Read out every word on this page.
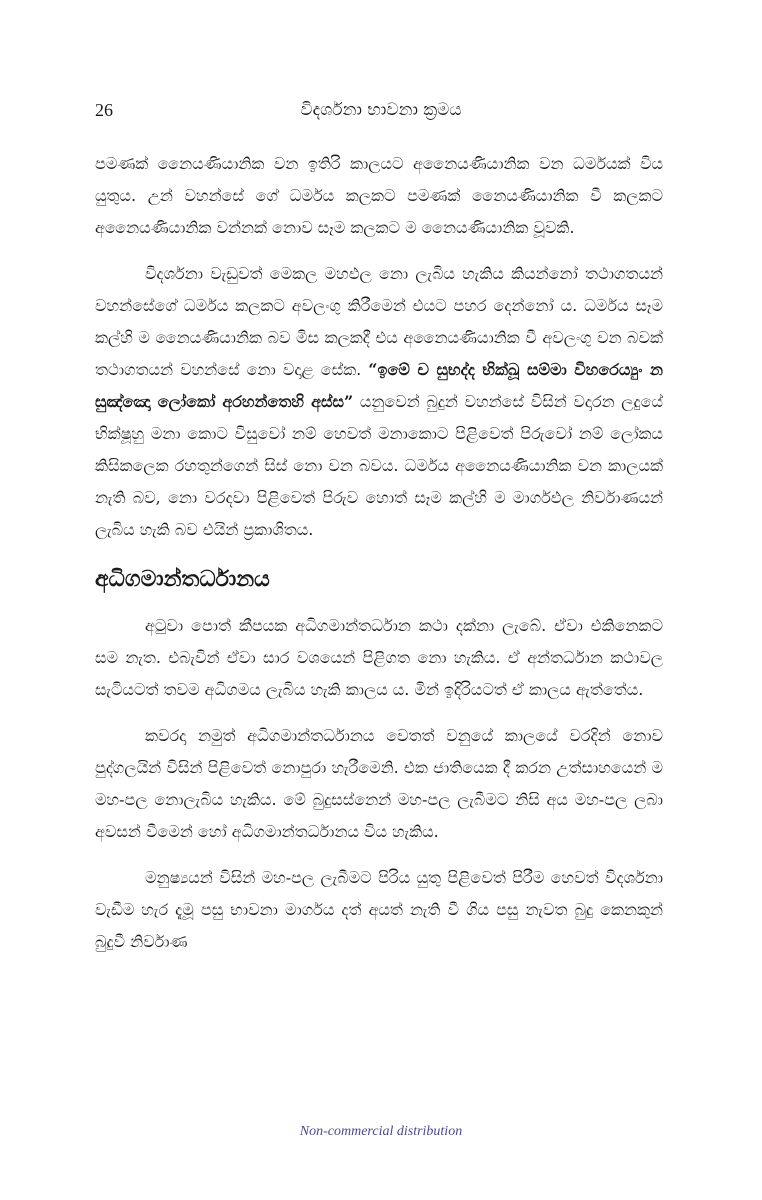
26	විදර්ශනා භාවනා ක්‍රමය

පමණක් නෛයණියානික වන ඉතිරි කාලයට අනෛයණියානික වන ධර්මයක් විය යුතුය. උන් වහන්සේ ගේ ධර්මය කලකට පමණක් නෛයණියානික වී කලකට අනෛයණියානික වන්නක් නොව සෑම කලකට ම නෛයණියානික වූවකි.

විදර්ශනා වැඩුවත් මෙකල මහඵල නො ලැබිය හැකිය කියන්නෝ තථාගතයන් වහන්සේගේ ධර්මය කලකට අවලංගු කිරීමෙන් එයට පහර දෙන්නෝ ය. ධර්මය සෑම කල්හි ම නෛයණියානික බව මිස කලකදී එය අනෛයණියානික වී අවලංගු වන බවක් තථාගතයන් වහන්සේ නො වදාළ සේක. “ඉමේ ච සුභද්ද භික්ඛූ සම්මා විහරෙය්‍යුං න සුඤ්ඤො ලෝකෝ අරහන්තෙහි අස්ස” යනුවෙන් බුදුන් වහන්සේ විසින් වදාරන ලදුයේ භික්ෂූහු මනා කොට විසුවෝ නම් හෙවත් මනාකොට පිළිවෙත් පිරුවෝ නම් ලෝකය කිසිකලෙක රහතුන්ගෙන් සිස් නො වන බවය. ධර්මය අනෛයණියානික වන කාලයක් නැති බව, නො වරදවා පිළිවෙත් පිරුව හොත් සෑම කල්හි ම මාර්ගඵල නිර්වාණයන් ලැබිය හැකි බව එයින් ප්‍රකාශිතය.

අධිගමාන්තර්ධානය

අටුවා පොත් කීපයක අධිගමාන්තර්ධාන කථා දක්නා ලැබේ. ඒවා එකිනෙකට සම නැත. එබැවින් ඒවා සාර වශයෙන් පිළිගත නො හැකිය. ඒ අන්තර්ධාන කථාවල සැටියටත් තවම අධිගමය ලැබිය හැකි කාලය ය. මින් ඉදිරියටත් ඒ කාලය ඇත්තේය.

කවරදා නමුත් අධිගමාන්තර්ධානය වෙතත් වනුයේ කාලයේ වරදින් නොව පුද්ගලයින් විසින් පිළිවෙත් නොපුරා හැරීමෙනි. එක ජාතියෙක දී කරන උත්සාහයෙන් ම මහ-පල නොලැබිය හැකිය. මේ බුදුසස්නෙන් මහ-පල ලැබීමට නිසි අය මහ-පල ලබා අවසන් වීමෙන් හෝ අධිගමාන්තර්ධානය විය හැකිය.

මනුෂ්‍යයන් විසින් මහ-පල ලැබීමට පිරිය යුතු පිළිවෙත් පිරීම හෙවත් විදර්ශනා වැඩීම හැර දැමූ පසු භාවනා මාර්ගය දත් අයත් නැති වී ගිය පසු නැවත බුදු කෙනකුන් බුදුවී නිර්වාණ

Non-commercial distribution
